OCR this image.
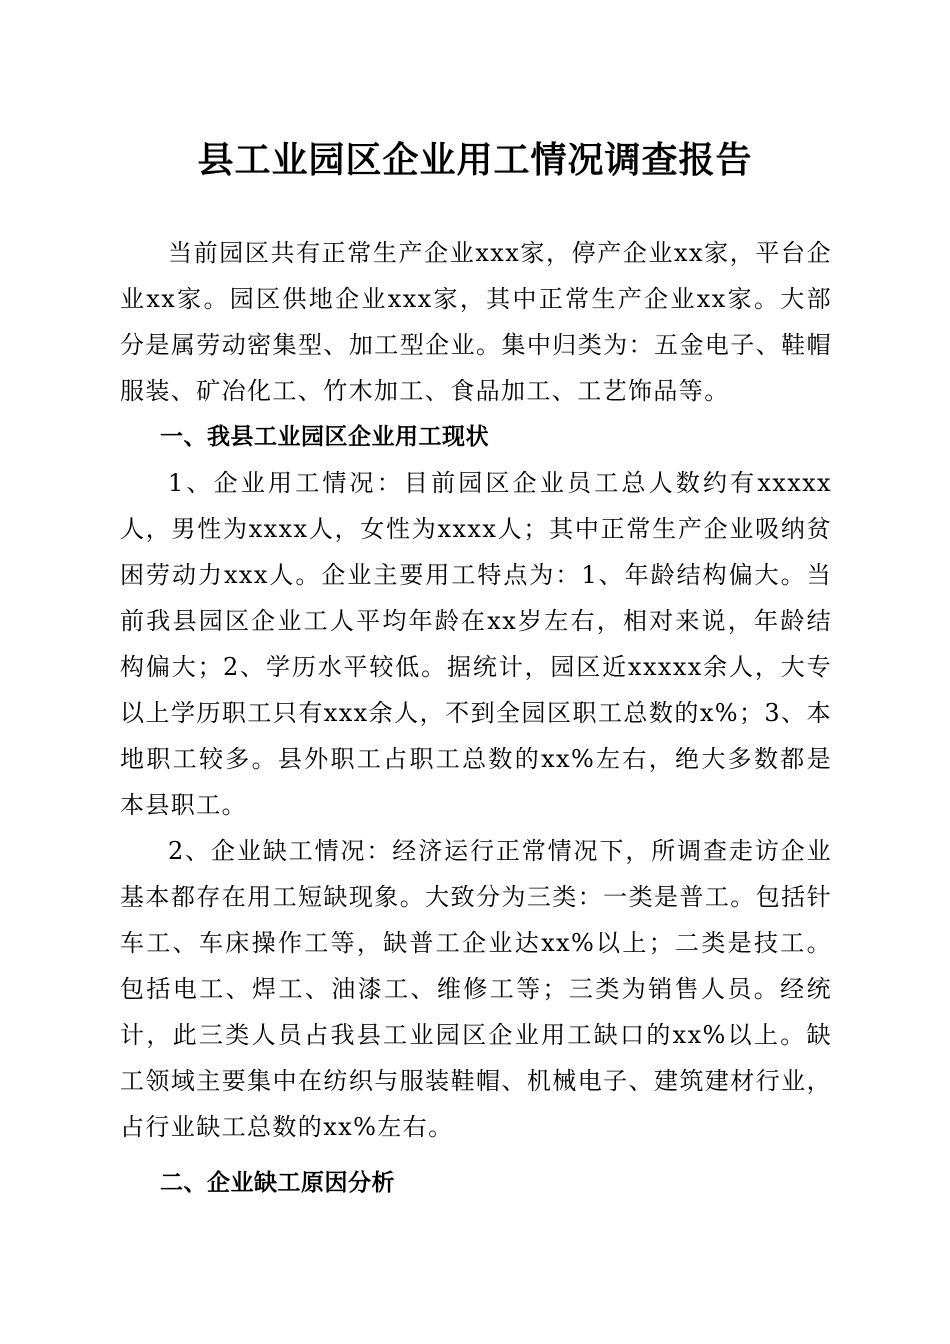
县工业园区企业用工情况调查报告

当前园区共有正常生产企业xxx家，停产企业xx家，平台企业xx家。园区供地企业xxx家，其中正常生产企业xx家。大部分是属劳动密集型、加工型企业。集中归类为：五金电子、鞋帽服装、矿冶化工、竹木加工、食品加工、工艺饰品等。

一、我县工业园区企业用工现状

1、企业用工情况：目前园区企业员工总人数约有xxxxx人，男性为xxxx人，女性为xxxx人；其中正常生产企业吸纳贫困劳动力xxx人。企业主要用工特点为：1、年龄结构偏大。当前我县园区企业工人平均年龄在xx岁左右，相对来说，年龄结构偏大；2、学历水平较低。据统计，园区近xxxxx余人，大专以上学历职工只有xxx余人，不到全园区职工总数的x%；3、本地职工较多。县外职工占职工总数的xx%左右，绝大多数都是本县职工。

2、企业缺工情况：经济运行正常情况下，所调查走访企业基本都存在用工短缺现象。大致分为三类：一类是普工。包括针车工、车床操作工等，缺普工企业达xx%以上；二类是技工。包括电工、焊工、油漆工、维修工等；三类为销售人员。经统计，此三类人员占我县工业园区企业用工缺口的xx%以上。缺工领域主要集中在纺织与服装鞋帽、机械电子、建筑建材行业，占行业缺工总数的xx%左右。

二、企业缺工原因分析
